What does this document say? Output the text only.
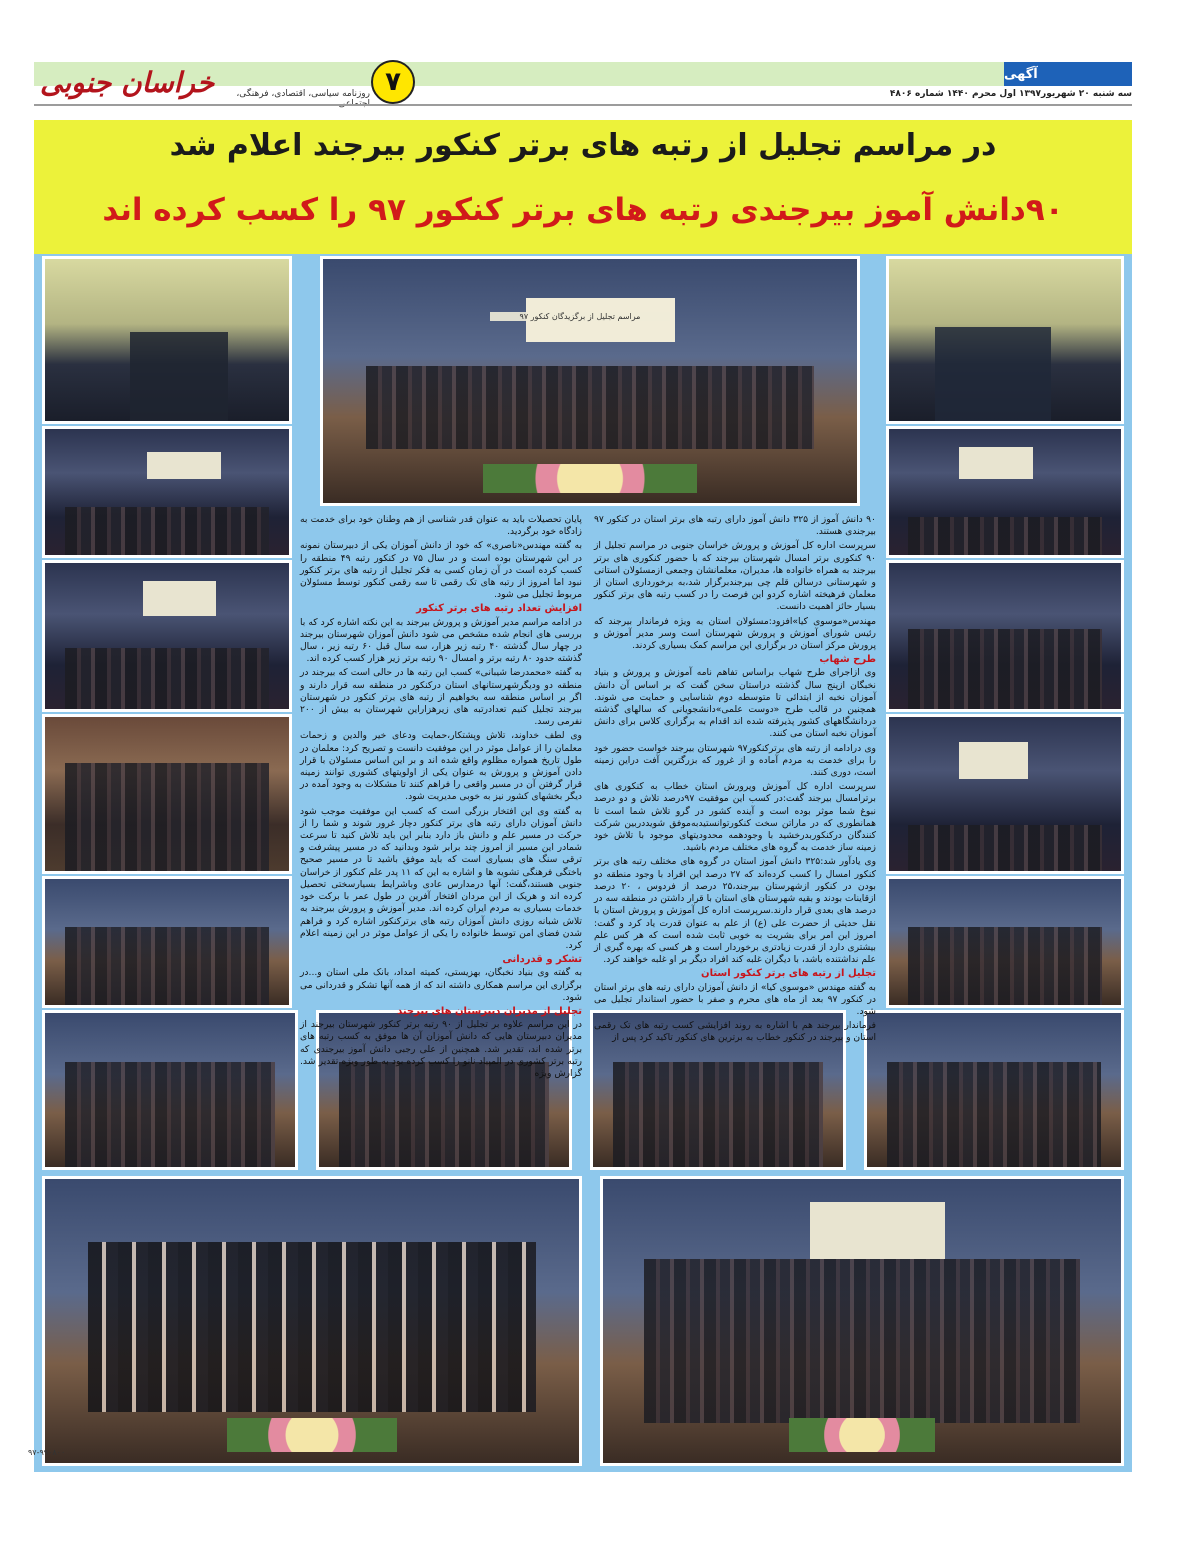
آگهی
خراسان جنوبی	۷
روزنامه سیاسی، اقتصادی، فرهنگی،	سه شنبه ۲۰ شهریور۱۳۹۷ اول محرم ۱۴۴۰ شماره ۴۸۰۶
در مراسم تجلیل از رتبه های برتر کنکور بیرجند اعلام شد
۹۰دانش آموز بیرجندی رتبه های برتر کنکور ۹۷ را کسب کرده اند

۹۰ دانش آموز از ۳۲۵ دانش آموز دارای رتبه های برتر استان در کنکور ۹۷ بیرجندی هستند.

سرپرست اداره کل آموزش و پرورش خراسان جنوبی در مراسم تجلیل از ۹۰ کنکوری برتر امسال شهرستان بیرجند که با حضور کنکوری های برتر بیرجند به همراه خانواده ها، مدیران، معلمانشان وجمعی ازمسئولان استانی و شهرستانی درسالن قلم چی بیرجندبرگزار شد،به برخورداری استان از معلمان فرهیخته اشاره کردو این فرصت را در کسب رتبه های برتر کنکور بسیار حائز اهمیت دانست.

مهندس«موسوی کیا»افزود:مسئولان استان به ویژه فرماندار بیرجند که رئیس شورای آموزش و پرورش شهرستان است وسر مدیر آموزش و پرورش مرکز استان در برگزاری این مراسم کمک بسیاری کردند.

طرح شهاب

وی ازاجرای طرح شهاب براساس تفاهم نامه آموزش و پرورش و بنیاد نخبگان ازپنج سال گذشته دراستان سخن گفت که بر اساس آن دانش آموزان نخبه از ابتدائی تا متوسطه دوم شناسایی و حمایت می شوند. همچنین در قالب طرح «دوست علمی»دانشجویانی که سالهای گذشته دردانشگاههای کشور پذیرفته شده اند اقدام به برگزاری کلاس برای دانش آموزان نخبه استان می کنند.

وی درادامه از رتبه های برترکنکور۹۷ شهرستان بیرجند خواست حضور خود را برای خدمت به مردم آماده و از غرور که بزرگترین آفت دراین زمینه است، دوری کنند.

سرپرست اداره کل آموزش وپرورش استان خطاب به کنکوری های برترامسال بیرجند گفت:در کسب این موفقیت ۹۷درصد تلاش و دو درصد نبوغ شما موثر بوده است و آینده کشور در گرو تلاش شما است تا همانطوری که در ماراتن سخت کنکورتوانستیدبه‌موفق شویددربین شرکت کنندگان درکنکوربدرخشید با وجودهمه محدودیتهای موجود با تلاش خود زمینه ساز خدمت به گروه های مختلف مردم باشید.

وی یادآور شد:۳۲۵ دانش آموز استان در گروه های مختلف رتبه های برتر کنکور امسال را کسب کرده‌اند که ۲۷ درصد این افراد با وجود منطقه دو بودن در کنکور ازشهرستان بیرجند،۲۵ درصد از فردوس ، ۲۰ درصد ازقاینات بودند و بقیه شهرستان های استان با قرار داشتن در منطقه سه در درصد های بعدی قرار دارند.سرپرست اداره کل آموزش و پرورش استان با نقل حدیثی از حضرت علی (ع) از علم به عنوان قدرت یاد کرد و گفت: امروز این امر برای بشریت به خوبی ثابت شده است که هر کس علم بیشتری دارد از قدرت زیادتری برخوردار است و هر کسی که بهره گیری از علم نداشتنده باشد، با دیگران غلبه کند افراد دیگر بر او غلبه خواهند کرد.

تجلیل از رتبه های برتر کنکور استان

به گفته مهندس «موسوی کیا» از دانش آموزان دارای رتبه های برتر استان در کنکور ۹۷ بعد از ماه های محرم و صفر با حضور استاندار تجلیل می شود.

فرماندار بیرجند هم با اشاره به روند افزایشی کسب رتبه های تک رقمی استان و بیرجند در کنکور خطاب به برترین های کنکور تاکید کرد پس از

پایان تحصیلات باید به عنوان قدر شناسی از هم وطنان خود برای خدمت به زادگاه خود برگردید.

به گفته مهندس«ناصری» که خود از دانش آموزان یکی از دبیرستان نمونه در این شهرستان بوده است و در سال ۷۵ در کنکور رتبه ۴۹ منطقه را کسب کرده است در آن زمان کسی به فکر تجلیل از رتبه های برتر کنکور نبود اما امروز از رتبه های تک رقمی تا سه رقمی کنکور توسط مسئولان مربوط تجلیل می شود.

افزایش تعداد رتبه های برتر کنکور

در ادامه مراسم مدیر آموزش و پرورش بیرجند به این نکته اشاره کرد که با بررسی های انجام شده مشخص می شود دانش آموزان شهرستان بیرجند در چهار سال گذشته ۴۰ رتبه زیر هزار، سه سال قبل ۶۰ رتبه زیر ، سال گذشته حدود ۸۰ رتبه برتر و امسال ۹۰ رتبه برتر زیر هزار کسب کرده اند.

به گفته «محمدرضا شیبانی» کسب این رتبه ها در حالی است که بیرجند در منطقه دو ودیگرشهرستانهای استان درکنکور در منطقه سه قرار دارند و اگر بر اساس منطقه سه بخواهیم از رتبه های برتر کنکور در شهرستان بیرجند تجلیل کنیم تعدادرتبه های زیرهزاراین شهرستان به بیش از ۲۰۰ نفرمی رسد.

وی لطف خداوند، تلاش وپشتکار،حمایت ودعای خیر والدین و زحمات معلمان را از عوامل موثر در این موفقیت دانست و تصریح کرد: معلمان در طول تاریخ همواره مظلوم واقع شده اند و بر این اساس مسئولان با قرار دادن آموزش و پرورش به عنوان یکی از اولویتهای کشوری توانند زمینه قرار گرفتن آن در مسیر واقعی را فراهم کنند تا مشکلات به وجود آمده در دیگر بخشهای کشور نیز به خوبی مدیریت شود.

به گفته وی این افتخار بزرگی است که کسب این موفقیت موجب شود دانش آموزان دارای رتبه های برتر کنکور دچار غرور شوند و شما را از حرکت در مسیر علم و دانش باز دارد بنابر این باید تلاش کنید تا سرعت شمادر این مسیر از امروز چند برابر شود وبدانید که در مسیر پیشرفت و ترقی سنگ های بسیاری است که باید موفق باشید تا در مسیر صحیح باختگی فرهنگی تشویه ها و اشاره به این که ۱۱ پدر علم کنکور از خراسان جنوبی هستند،گفت: آنها درمدارس عادی وباشرایط بسیارسختی تحصیل کرده اند و هریک از این مردان افتخار آفرین در طول عمر با برکت خود خدمات بسیاری به مردم ایران کرده اند. مدیر آموزش و پرورش بیرجند به تلاش شبانه روزی دانش آموزان رتبه های برترکنکور اشاره کرد و فراهم شدن فضای امن توسط خانواده را یکی از عوامل موثر در این زمینه اعلام کرد.

تشکر و قدردانی

به گفته وی بنیاد نخبگان، بهزیستی، کمیته امداد، بانک ملی استان و...در برگزاری این مراسم همکاری داشته اند که از همه آنها تشکر و قدردانی می شود.

تجلیل از مدیران دبیرستان های بیرجند

در این مراسم علاوه بر تجلیل از ۹۰ رتبه برتر کنکور شهرستان بیرجند از مدیران دبیرستان هایی که دانش آموزان آن ها موفق به کسب رتبه های برتر شده اند، تقدیر شد. همچنین از علی رجبی دانش آموز بیرجندی که رتبه برتر کشوری در المپیاد نانو را کسب کرده بود به طور ویژه تقدیر شد. گزارش ویژه

مراسم تجلیل از برگزیدگان کنکور ۹۷
۹۷-۹۹۰۸۰۰
